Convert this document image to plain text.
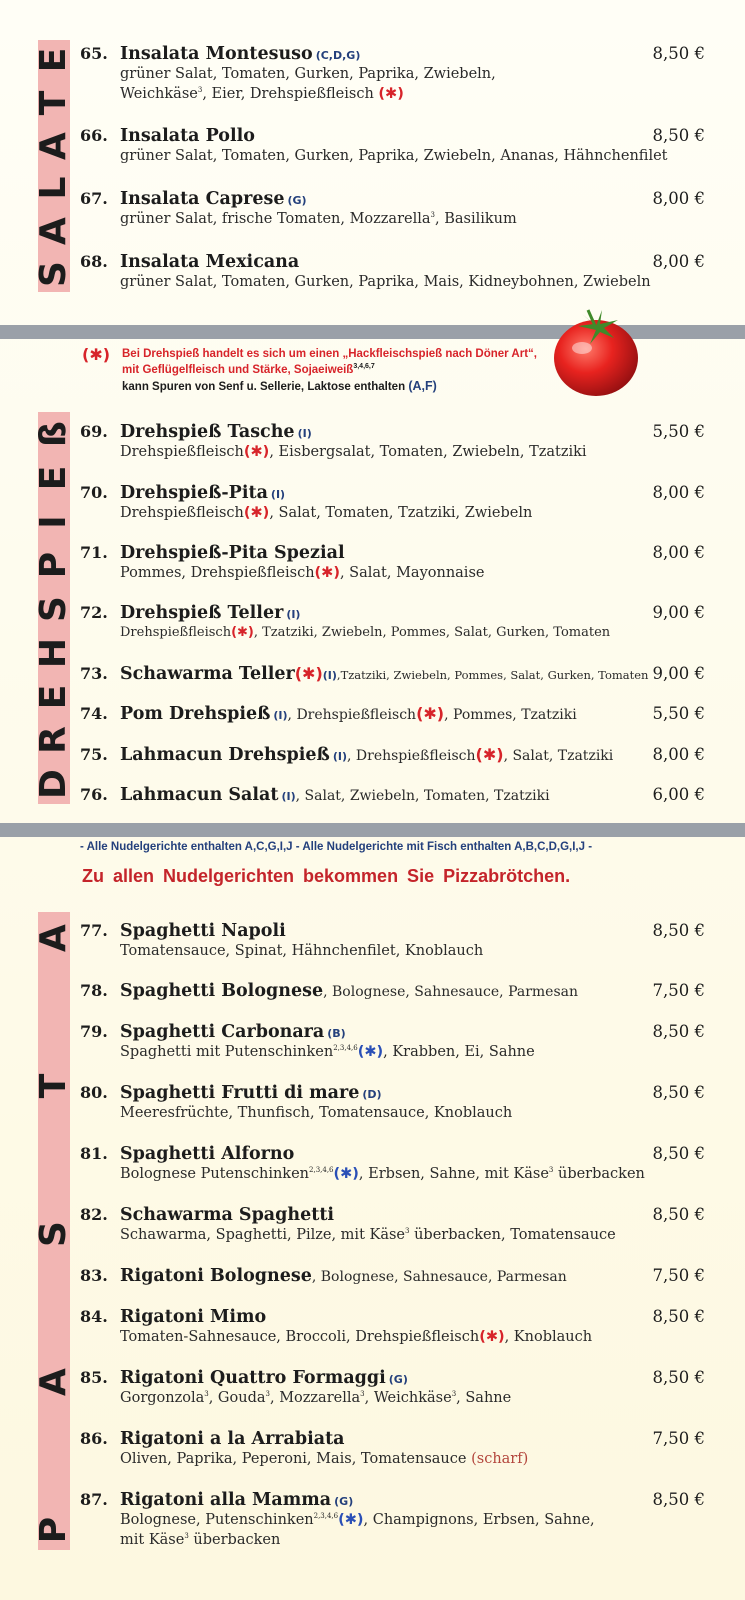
S
A
L
A
T
E 65. Insalata Montesuso (C,D,G)	8,50 €
grüner Salat, Tomaten, Gurken, Paprika, Zwiebeln,
Weichkäse$^3$, Eier, Drehspießfleisch (✱)
66. Insalata Pollo	8,50 €
grüner Salat, Tomaten, Gurken, Paprika, Zwiebeln, Ananas, Hähnchenfilet
67. Insalata Caprese (G)	8,00 €
grüner Salat, frische Tomaten, Mozzarella$^3$, Basilikum
68. Insalata Mexicana	8,00 €
grüner Salat, Tomaten, Gurken, Paprika, Mais, Kidneybohnen, Zwiebeln
(✱) Bei Drehspieß handelt es sich um einen „Hackfleischspieß nach Döner Art“,
mit Geflügelfleisch und Stärke, Sojaeiweiß$^{3,4,6,7}$
kann Spuren von Senf u. Sellerie, Laktose enthalten (A,F)
D
R
E
H
S
P
I
E
ß 69. Drehspieß Tasche (I)	5,50 €
Drehspießfleisch(✱), Eisbergsalat, Tomaten, Zwiebeln, Tzatziki
70. Drehspieß-Pita (I)	8,00 €
Drehspießfleisch(✱), Salat, Tomaten, Tzatziki, Zwiebeln
71. Drehspieß-Pita Spezial	8,00 €
Pommes, Drehspießfleisch(✱), Salat, Mayonnaise
72. Drehspieß Teller (I)	9,00 €
Drehspießfleisch(✱), Tzatziki, Zwiebeln, Pommes, Salat, Gurken, Tomaten
73. Schawarma Teller (✱) (I) ,Tzatziki, Zwiebeln, Pommes, Salat, Gurken, Tomaten 9,00 €
74. Pom Drehspieß (I) , Drehspießfleisch (✱) , Pommes, Tzatziki	5,50 €
75. Lahmacun Drehspieß (I) , Drehspießfleisch (✱) , Salat, Tzatziki 8,00 €
76. Lahmacun Salat (I) , Salat, Zwiebeln, Tomaten, Tzatziki	6,00 €
- Alle Nudelgerichte enthalten A,C,G,I,J - Alle Nudelgerichte mit Fisch enthalten A,B,C,D,G,I,J -
Zu allen Nudelgerichten bekommen Sie Pizzabrötchen.
P
A
S
T
A 77. Spaghetti Napoli	8,50 €
Tomatensauce, Spinat, Hähnchenfilet, Knoblauch
78. Spaghetti Bolognese , Bolognese, Sahnesauce, Parmesan	7,50 €
79. Spaghetti Carbonara (B)	8,50 €
Spaghetti mit Putenschinken$^{2,3,4,6}$(✱), Krabben, Ei, Sahne
80. Spaghetti Frutti di mare (D)	8,50 €
Meeresfrüchte, Thunfisch, Tomatensauce, Knoblauch
81. Spaghetti Alforno	8,50 €
Bolognese Putenschinken$^{2,3,4,6}$(✱), Erbsen, Sahne, mit Käse$^3$ überbacken
82. Schawarma Spaghetti	8,50 €
Schawarma, Spaghetti, Pilze, mit Käse$^3$ überbacken, Tomatensauce
83. Rigatoni Bolognese , Bolognese, Sahnesauce, Parmesan	7,50 €
84. Rigatoni Mimo	8,50 €
Tomaten-Sahnesauce, Broccoli, Drehspießfleisch(✱), Knoblauch
85. Rigatoni Quattro Formaggi (G)	8,50 €
Gorgonzola$^3$, Gouda$^3$, Mozzarella$^3$, Weichkäse$^3$, Sahne
86. Rigatoni a la Arrabiata	7,50 €
Oliven, Paprika, Peperoni, Mais, Tomatensauce (scharf)
87. Rigatoni alla Mamma (G)	8,50 €
Bolognese, Putenschinken$^{2,3,4,6}$(✱), Champignons, Erbsen, Sahne,
mit Käse$^3$ überbacken
